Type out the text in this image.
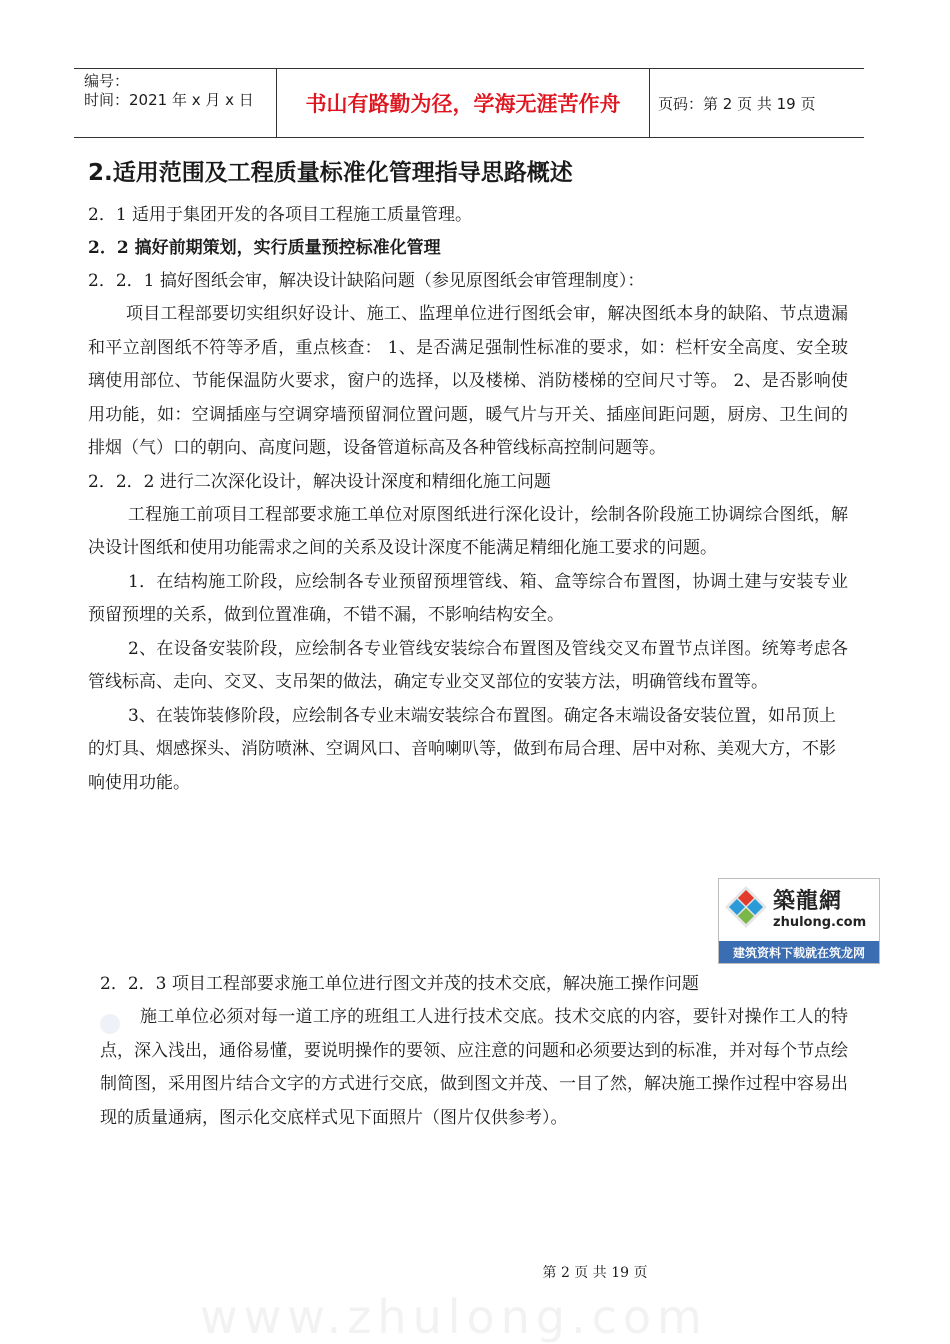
编号：
时间：2021 年 x 月 x 日	书山有路勤为径，学海无涯苦作舟	页码：第 2 页 共 19 页
2.适用范围及工程质量标准化管理指导思路概述
2．1 适用于集团开发的各项目工程施工质量管理。
2．2 搞好前期策划，实行质量预控标准化管理
2．2．1 搞好图纸会审，解决设计缺陷问题（参见原图纸会审管理制度）：

项目工程部要切实组织好设计、施工、监理单位进行图纸会审，解决图纸本身的缺陷、节点遗漏和平立剖图纸不符等矛盾，重点核查： 1、是否满足强制性标准的要求，如：栏杆安全高度、安全玻璃使用部位、节能保温防火要求，窗户的选择，以及楼梯、消防楼梯的空间尺寸等。 2、是否影响使用功能，如：空调插座与空调穿墙预留洞位置问题，暖气片与开关、插座间距问题，厨房、卫生间的排烟（气）口的朝向、高度问题，设备管道标高及各种管线标高控制问题等。

2．2．2 进行二次深化设计，解决设计深度和精细化施工问题

工程施工前项目工程部要求施工单位对原图纸进行深化设计，绘制各阶段施工协调综合图纸，解决设计图纸和使用功能需求之间的关系及设计深度不能满足精细化施工要求的问题。

1．在结构施工阶段，应绘制各专业预留预埋管线、箱、盒等综合布置图，协调土建与安装专业预留预埋的关系，做到位置准确，不错不漏，不影响结构安全。

2、在设备安装阶段，应绘制各专业管线安装综合布置图及管线交叉布置节点详图。统筹考虑各管线标高、走向、交叉、支吊架的做法，确定专业交叉部位的安装方法，明确管线布置等。

3、在装饰装修阶段，应绘制各专业末端安装综合布置图。确定各末端设备安装位置，如吊顶上的灯具、烟感探头、消防喷淋、空调风口、音响喇叭等，做到布局合理、居中对称、美观大方，不影响使用功能。

築龍網
zhulong.com
建筑资料下载就在筑龙网
2．2．3 项目工程部要求施工单位进行图文并茂的技术交底，解决施工操作问题

施工单位必须对每一道工序的班组工人进行技术交底。技术交底的内容，要针对操作工人的特点，深入浅出，通俗易懂，要说明操作的要领、应注意的问题和必须要达到的标准，并对每个节点绘制简图，采用图片结合文字的方式进行交底，做到图文并茂、一目了然，解决施工操作过程中容易出现的质量通病，图示化交底样式见下面照片（图片仅供参考）。

第 2 页 共 19 页
www.zhulong.com
